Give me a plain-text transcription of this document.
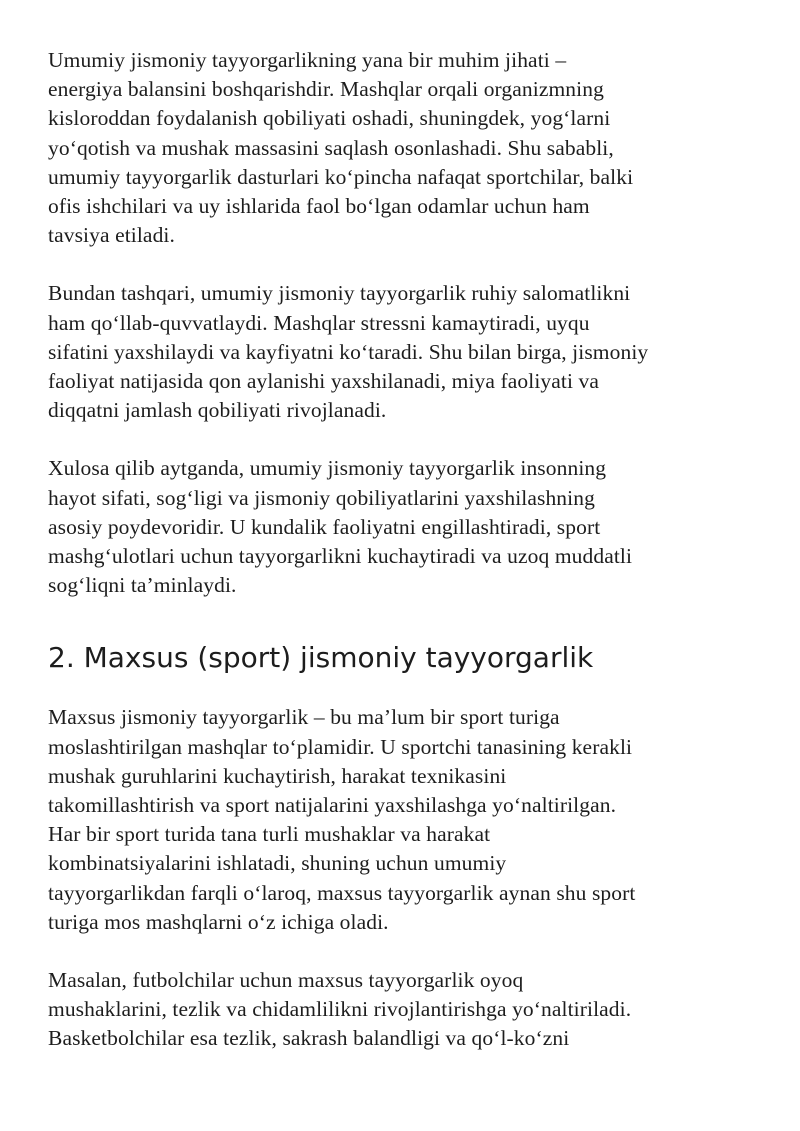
Umumiy jismoniy tayyorgarlikning yana bir muhim jihati –
energiya balansini boshqarishdir. Mashqlar orqali organizmning
kisloroddan foydalanish qobiliyati oshadi, shuningdek, yog‘larni
yo‘qotish va mushak massasini saqlash osonlashadi. Shu sababli,
umumiy tayyorgarlik dasturlari ko‘pincha nafaqat sportchilar, balki
ofis ishchilari va uy ishlarida faol bo‘lgan odamlar uchun ham
tavsiya etiladi.

Bundan tashqari, umumiy jismoniy tayyorgarlik ruhiy salomatlikni
ham qo‘llab-quvvatlaydi. Mashqlar stressni kamaytiradi, uyqu
sifatini yaxshilaydi va kayfiyatni ko‘taradi. Shu bilan birga, jismoniy
faoliyat natijasida qon aylanishi yaxshilanadi, miya faoliyati va
diqqatni jamlash qobiliyati rivojlanadi.

Xulosa qilib aytganda, umumiy jismoniy tayyorgarlik insonning
hayot sifati, sog‘ligi va jismoniy qobiliyatlarini yaxshilashning
asosiy poydevoridir. U kundalik faoliyatni engillashtiradi, sport
mashg‘ulotlari uchun tayyorgarlikni kuchaytiradi va uzoq muddatli
sog‘liqni ta’minlaydi.

2. Maxsus (sport) jismoniy tayyorgarlik

Maxsus jismoniy tayyorgarlik – bu ma’lum bir sport turiga
moslashtirilgan mashqlar to‘plamidir. U sportchi tanasining kerakli
mushak guruhlarini kuchaytirish, harakat texnikasini
takomillashtirish va sport natijalarini yaxshilashga yo‘naltirilgan.
Har bir sport turida tana turli mushaklar va harakat
kombinatsiyalarini ishlatadi, shuning uchun umumiy
tayyorgarlikdan farqli o‘laroq, maxsus tayyorgarlik aynan shu sport
turiga mos mashqlarni o‘z ichiga oladi.

Masalan, futbolchilar uchun maxsus tayyorgarlik oyoq
mushaklarini, tezlik va chidamlilikni rivojlantirishga yo‘naltiriladi.
Basketbolchilar esa tezlik, sakrash balandligi va qo‘l-ko‘zni
